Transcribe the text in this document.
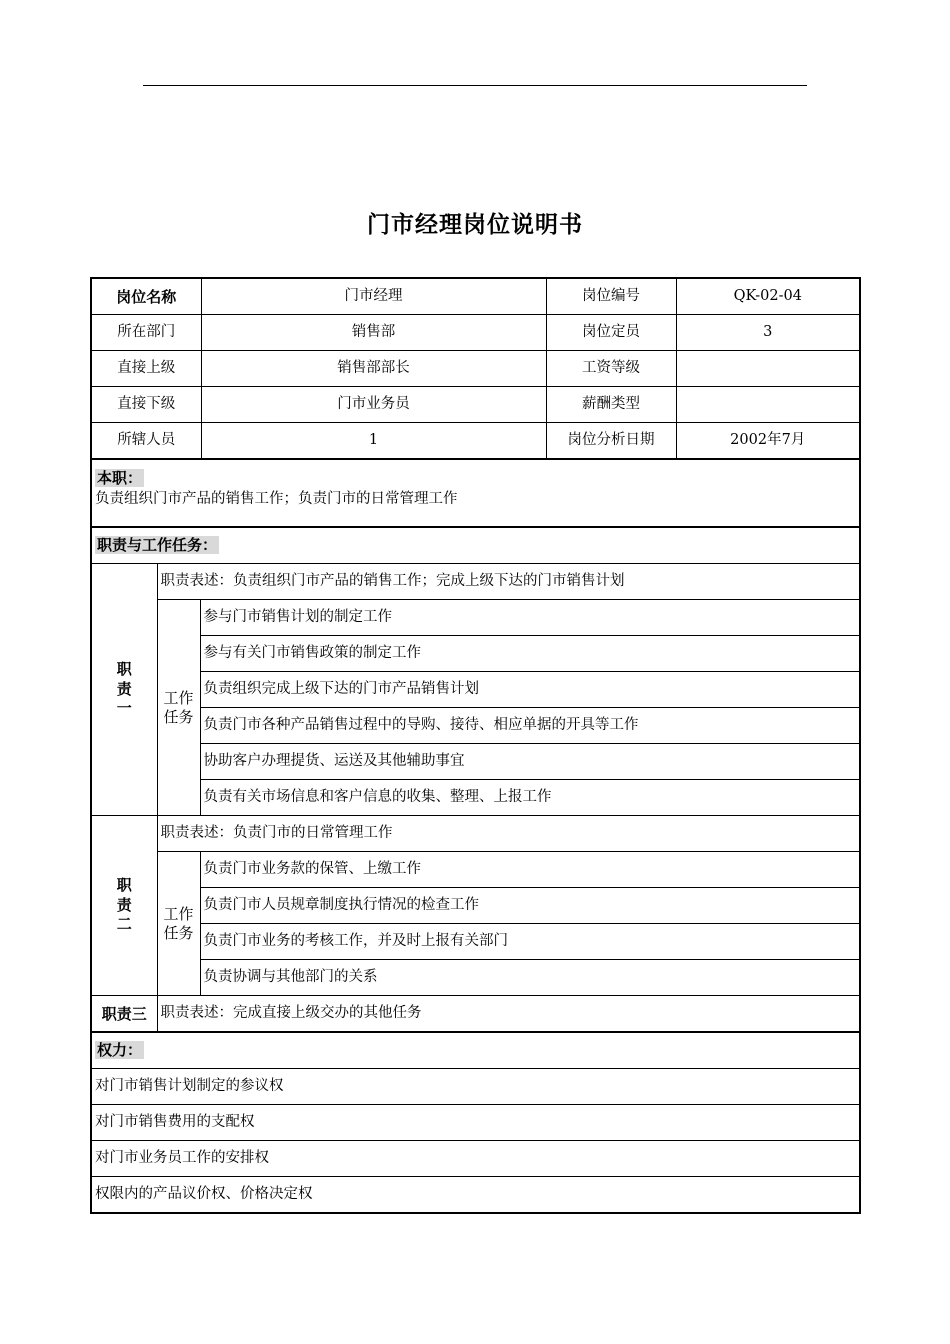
门市经理岗位说明书
岗位名称	门市经理	岗位编号	QK-02-04
所在部门	销售部	岗位定员	3
直接上级	销售部部长	工资等级	
直接下级	门市业务员	薪酬类型	
所辖人员	1	岗位分析日期	2002年7月
本职：
负责组织门市产品的销售工作；负责门市的日常管理工作		
职责与工作任务：		
职责一	职责表述：负责组织门市产品的销售工作；完成上级下达的门市销售计划	
	工作任务	参与门市销售计划的制定工作
		参与有关门市销售政策的制定工作
		负责组织完成上级下达的门市产品销售计划
		负责门市各种产品销售过程中的导购、接待、相应单据的开具等工作
		协助客户办理提货、运送及其他辅助事宜
		负责有关市场信息和客户信息的收集、整理、上报工作
职责二	职责表述：负责门市的日常管理工作	
	工作任务	负责门市业务款的保管、上缴工作
		负责门市人员规章制度执行情况的检查工作
		负责门市业务的考核工作，并及时上报有关部门
		负责协调与其他部门的关系
职责三	职责表述：完成直接上级交办的其他任务	
权力：		
对门市销售计划制定的参议权		
对门市销售费用的支配权		
对门市业务员工作的安排权		
权限内的产品议价权、价格决定权		
